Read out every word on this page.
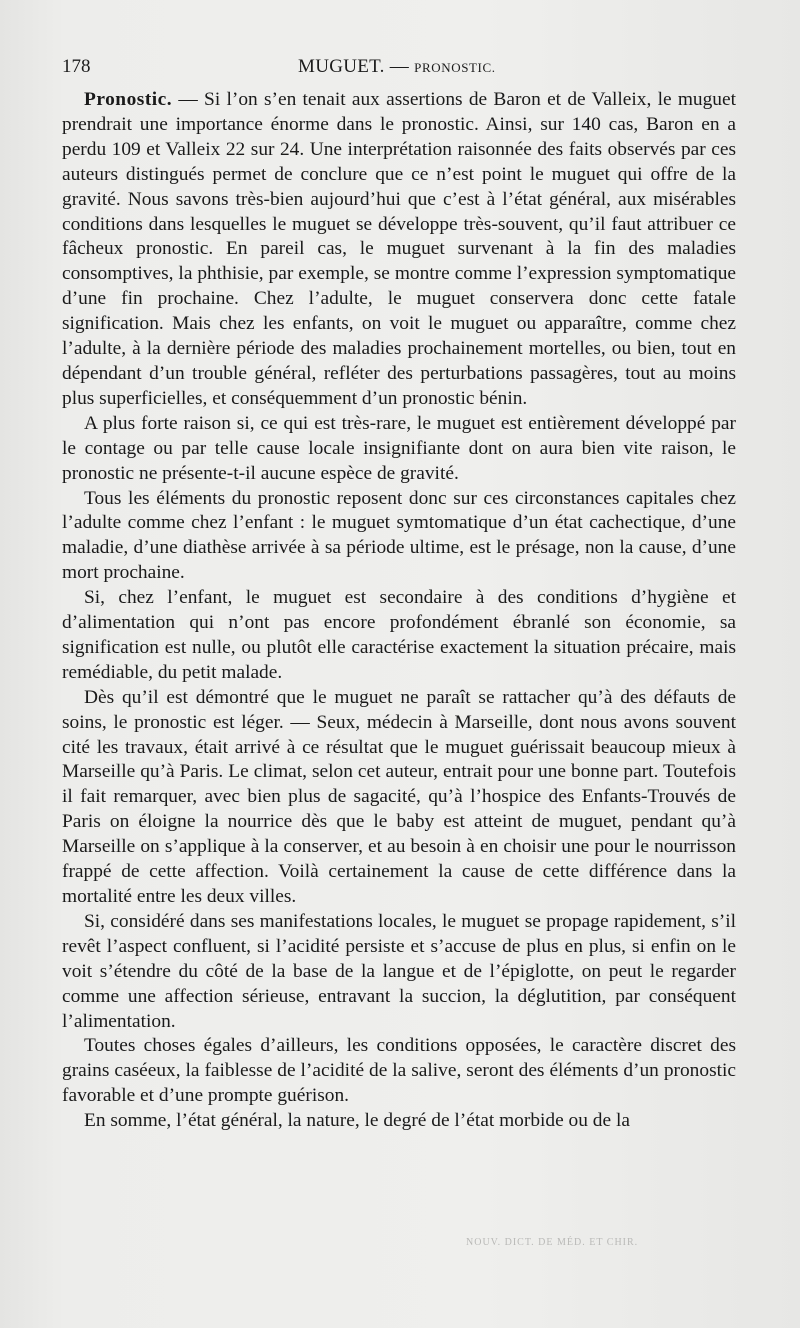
178	MUGUET. — PRONOSTIC.

Pronostic. — Si l’on s’en tenait aux assertions de Baron et de Valleix, le muguet prendrait une importance énorme dans le pronostic. Ainsi, sur 140 cas, Baron en a perdu 109 et Valleix 22 sur 24. Une interprétation raisonnée des faits observés par ces auteurs distingués permet de conclure que ce n’est point le muguet qui offre de la gravité. Nous savons très-bien aujourd’hui que c’est à l’état général, aux misérables conditions dans lesquelles le muguet se développe très-souvent, qu’il faut attribuer ce fâcheux pronostic. En pareil cas, le muguet survenant à la fin des maladies consomptives, la phthisie, par exemple, se montre comme l’expression symptomatique d’une fin prochaine. Chez l’adulte, le muguet conservera donc cette fatale signification. Mais chez les enfants, on voit le muguet ou apparaître, comme chez l’adulte, à la dernière période des maladies prochainement mortelles, ou bien, tout en dépendant d’un trouble général, refléter des perturbations passagères, tout au moins plus superficielles, et conséquemment d’un pronostic bénin.

A plus forte raison si, ce qui est très-rare, le muguet est entièrement développé par le contage ou par telle cause locale insignifiante dont on aura bien vite raison, le pronostic ne présente-t-il aucune espèce de gravité.

Tous les éléments du pronostic reposent donc sur ces circonstances capitales chez l’adulte comme chez l’enfant : le muguet symtomatique d’un état cachectique, d’une maladie, d’une diathèse arrivée à sa période ultime, est le présage, non la cause, d’une mort prochaine.

Si, chez l’enfant, le muguet est secondaire à des conditions d’hygiène et d’alimentation qui n’ont pas encore profondément ébranlé son économie, sa signification est nulle, ou plutôt elle caractérise exactement la situation précaire, mais remédiable, du petit malade.

Dès qu’il est démontré que le muguet ne paraît se rattacher qu’à des défauts de soins, le pronostic est léger. — Seux, médecin à Marseille, dont nous avons souvent cité les travaux, était arrivé à ce résultat que le muguet guérissait beaucoup mieux à Marseille qu’à Paris. Le climat, selon cet auteur, entrait pour une bonne part. Toutefois il fait remarquer, avec bien plus de sagacité, qu’à l’hospice des Enfants-Trouvés de Paris on éloigne la nourrice dès que le baby est atteint de muguet, pendant qu’à Marseille on s’applique à la conserver, et au besoin à en choisir une pour le nourrisson frappé de cette affection. Voilà certainement la cause de cette différence dans la mortalité entre les deux villes.

Si, considéré dans ses manifestations locales, le muguet se propage rapidement, s’il revêt l’aspect confluent, si l’acidité persiste et s’accuse de plus en plus, si enfin on le voit s’étendre du côté de la base de la langue et de l’épiglotte, on peut le regarder comme une affection sérieuse, entravant la succion, la déglutition, par conséquent l’alimentation.

Toutes choses égales d’ailleurs, les conditions opposées, le caractère discret des grains caséeux, la faiblesse de l’acidité de la salive, seront des éléments d’un pronostic favorable et d’une prompte guérison.

En somme, l’état général, la nature, le degré de l’état morbide ou de la

NOUV. DICT. DE MÉD. ET CHIR.
